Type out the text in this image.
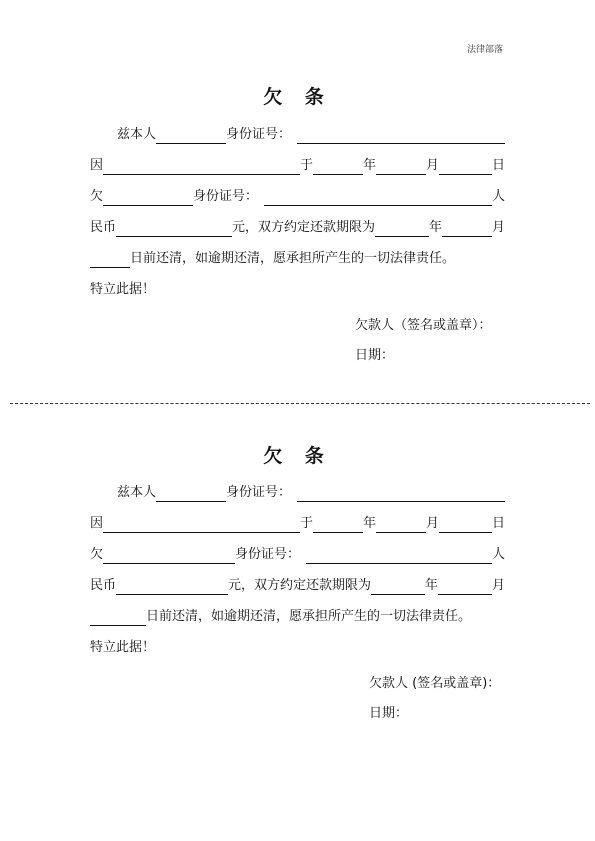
法律部落
欠 条
兹本人	身份证号：
因	于	年	月	日
欠	身份证号：	人
民币	元，双方约定还款期限为	年	月
日前还清，如逾期还清，愿承担所产生的一切法律责任。
特立此据！
欠款人（签名或盖章）：
日期：
欠 条
兹本人	身份证号：
因	于	年	月	日
欠	身份证号：	人
民币	元，双方约定还款期限为	年	月
日前还清，如逾期还清，愿承担所产生的一切法律责任。
特立此据！
欠款人 (签名或盖章)：
日期：
